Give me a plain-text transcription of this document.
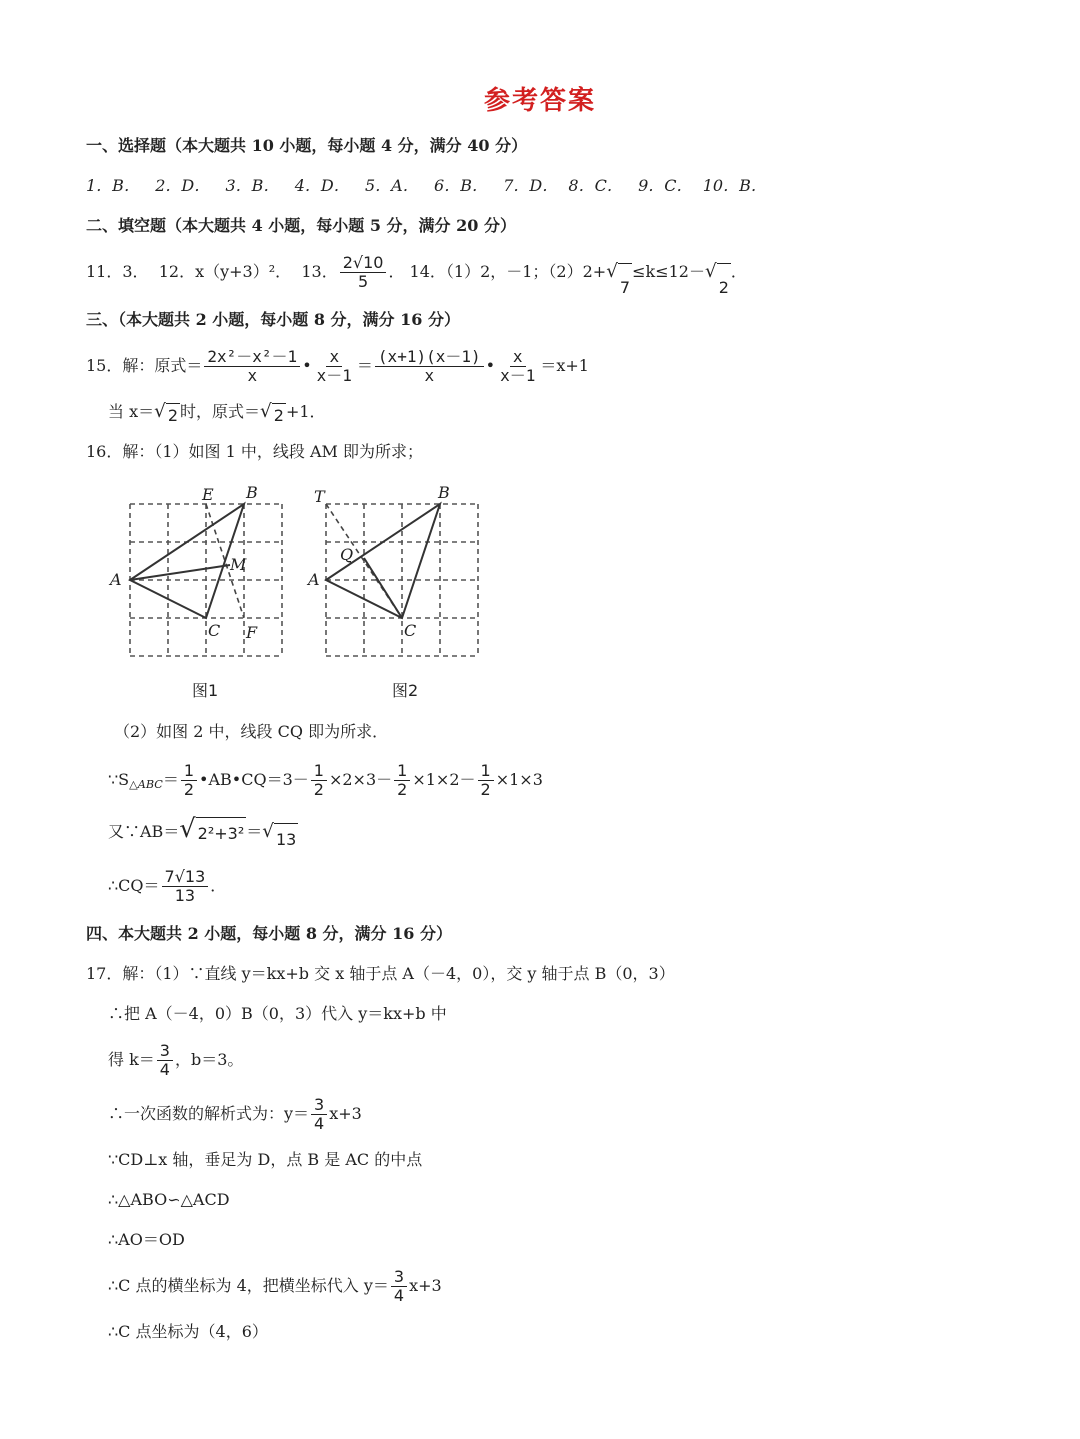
参考答案
一、选择题（本大题共 10 小题，每小题 4 分，满分 40 分）
1．B． 2．D． 3．B． 4．D． 5．A． 6．B． 7．D． 8．C． 9．C． 10．B．
二、填空题（本大题共 4 小题，每小题 5 分，满分 20 分）
11．3． 12．x（y+3）²． 13． $\frac{2√10}{5}$ ． 14．（1）2，－1；（2）2+ √
7
≤k≤12－ √
2
．
三、（本大题共 2 小题，每小题 8 分，满分 16 分）
15．解：原式＝ $\frac{\text{2x²－x²－1}}{x}$ • $\frac{x}{x-1} = \frac{(x+1)(x-1)}{x}$ • $\frac{x}{x-1} =x+1$
当 x＝ √ 2 时，原式＝ √ 2 +1．
16．解：（1）如图 1 中，线段 AM 即为所求；
E B
A
M
C F
图1
T	B
Q
A
C
图2
（2）如图 2 中，线段 CQ 即为所求．
$\because S_{\triangle ABC}= \frac{1}{2}$ •AB•CQ＝3－ $\frac{1}{2} \times 2\times 3- \frac{1}{2} \times 1\times 2- \frac{1}{2} \times 1\times 3$
又∵AB＝ √ 2²+3² ＝ √ 13
∴CQ＝ $\frac{7√13}{13}$ ．
四、本大题共 2 小题，每小题 8 分，满分 16 分）
17．解：（1）∵直线 y＝kx+b 交 x 轴于点 A（－4，0），交 y 轴于点 B（0，3）
∴把 A（－4，0）B（0，3）代入 y＝kx+b 中
得 $k= \frac{3}{4}$ ，b＝3。
∴一次函数的解析式为：$y= \frac{3}{4} x+3$
∵CD⊥x 轴，垂足为 D，点 B 是 AC 的中点
∴△ABO∽△ACD
∴AO＝OD
∴C 点的横坐标为 4，把横坐标代入 $y= \frac{3}{4} x+3$
∴C 点坐标为（4，6）
